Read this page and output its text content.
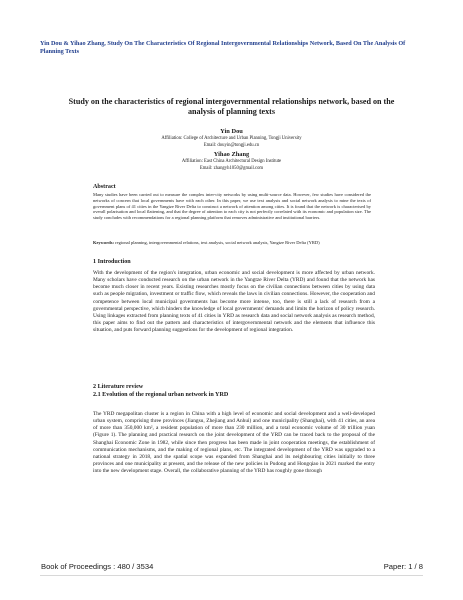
Yin Dou & Yihao Zhang, Study On The Characteristics Of Regional Intergovernmental Relationships Network, Based On The Analysis Of Planning Texts
Study on the characteristics of regional intergovernmental relationships network, based on the analysis of planning texts
Yin Dou
Affiliation: College of Architecture and Urban Planning, Tongji University
Email: douyin@tongji.edu.cn
Yihao Zhang
Affiliation: East China Architectural Design Institute
Email: zhangyh1050@gmail.com
Abstract
Many studies have been carried out to measure the complex inter-city networks by using multi-source data. However, few studies have considered the networks of concern that local governments have with each other. In this paper, we use text analysis and social network analysis to mine the texts of government plans of 41 cities in the Yangtze River Delta to construct a network of attention among cities. It is found that the network is characterised by overall polarisation and local flattening, and that the degree of attention to each city is not perfectly correlated with its economic and population size. The study concludes with recommendations for a regional planning platform that removes administrative and institutional barriers.
Keywords: regional planning, intergovernmental relations, text analysis, social network analysis, Yangtze River Delta (YRD)
1 Introduction
With the development of the region's integration, urban economic and social development is more affected by urban network. Many scholars have conducted research on the urban network in the Yangtze River Delta (YRD) and found that the network has become much closer in recent years. Existing researches mostly focus on the civilian connections between cities by using data such as people migration, investment or traffic flow, which reveals the laws in civilian connections. However, the cooperation and competence between local municipal governments has become more intense, too, there is still a lack of research from a governmental perspective, which hinders the knowledge of local governments' demands and limits the horizon of policy research. Using linkages extracted from planning texts of 41 cities in YRD as research data and social network analysis as research method, this paper aims to find out the pattern and characteristics of intergovernmental network and the elements that influence this situation, and puts forward planning suggestions for the development of regional integration.
2 Literature review
2.1 Evolution of the regional urban network in YRD
The YRD megapolitan cluster is a region in China with a high level of economic and social development and a well-developed urban system, comprising three provinces (Jiangsu, Zhejiang and Anhui) and one municipality (Shanghai), with 41 cities, an area of more than 350,000 km², a resident population of more than 230 million, and a total economic volume of 30 trillion yuan (Figure 1). The planning and practical research on the joint development of the YRD can be traced back to the proposal of the Shanghai Economic Zone in 1982, while since then progress has been made in joint cooperation meetings, the establishment of communication mechanisms, and the making of regional plans, etc. The integrated development of the YRD was upgraded to a national strategy in 2018, and the spatial scope was expanded from Shanghai and its neighbouring cities initially to three provinces and one municipality at present, and the release of the new policies in Pudong and Hongqiao in 2021 marked the entry into the new development stage. Overall, the collaborative planning of the YRD has roughly gone through
Book of Proceedings : 480 / 3534	Paper: 1 / 8
